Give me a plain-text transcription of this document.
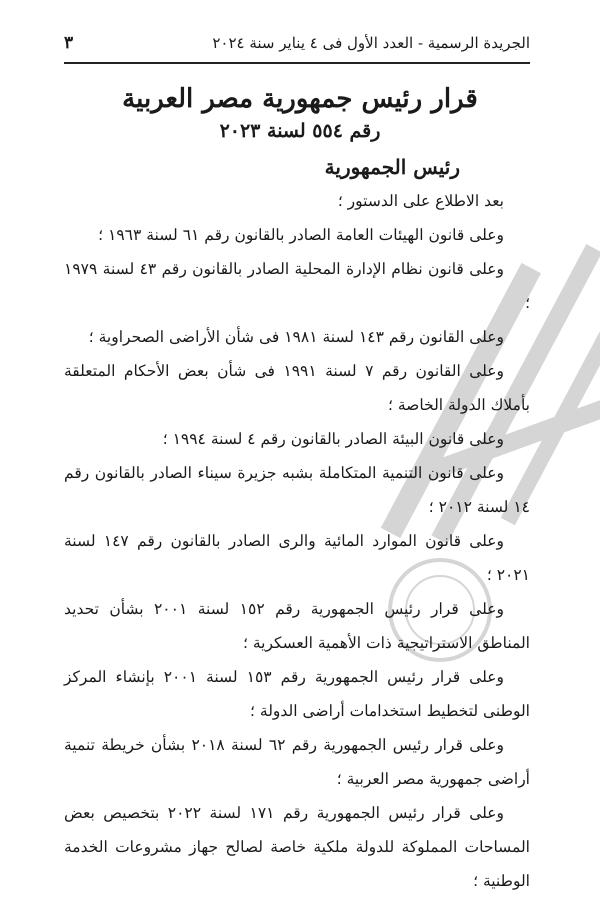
٣	الجريدة الرسمية - العدد الأول فى ٤ يناير سنة ٢٠٢٤
قرار رئيس جمهورية مصر العربية
رقم ٥٥٤ لسنة ٢٠٢٣
رئيس الجمهورية
بعد الاطلاع على الدستور ؛
وعلى قانون الهيئات العامة الصادر بالقانون رقم ٦١ لسنة ١٩٦٣ ؛
وعلى قانون نظام الإدارة المحلية الصادر بالقانون رقم ٤٣ لسنة ١٩٧٩ ؛
وعلى القانون رقم ١٤٣ لسنة ١٩٨١ فى شأن الأراضى الصحراوية ؛
وعلى القانون رقم ٧ لسنة ١٩٩١ فى شأن بعض الأحكام المتعلقة بأملاك الدولة الخاصة ؛
وعلى قانون البيئة الصادر بالقانون رقم ٤ لسنة ١٩٩٤ ؛
وعلى قانون التنمية المتكاملة بشبه جزيرة سيناء الصادر بالقانون رقم ١٤ لسنة ٢٠١٢ ؛
وعلى قانون الموارد المائية والرى الصادر بالقانون رقم ١٤٧ لسنة ٢٠٢١ ؛
وعلى قرار رئيس الجمهورية رقم ١٥٢ لسنة ٢٠٠١ بشأن تحديد المناطق الاستراتيجية ذات الأهمية العسكرية ؛
وعلى قرار رئيس الجمهورية رقم ١٥٣ لسنة ٢٠٠١ بإنشاء المركز الوطنى لتخطيط استخدامات أراضى الدولة ؛
وعلى قرار رئيس الجمهورية رقم ٦٢ لسنة ٢٠١٨ بشأن خريطة تنمية أراضى جمهورية مصر العربية ؛
وعلى قرار رئيس الجمهورية رقم ١٧١ لسنة ٢٠٢٢ بتخصيص بعض المساحات المملوكة للدولة ملكية خاصة لصالح جهاز مشروعات الخدمة الوطنية ؛
